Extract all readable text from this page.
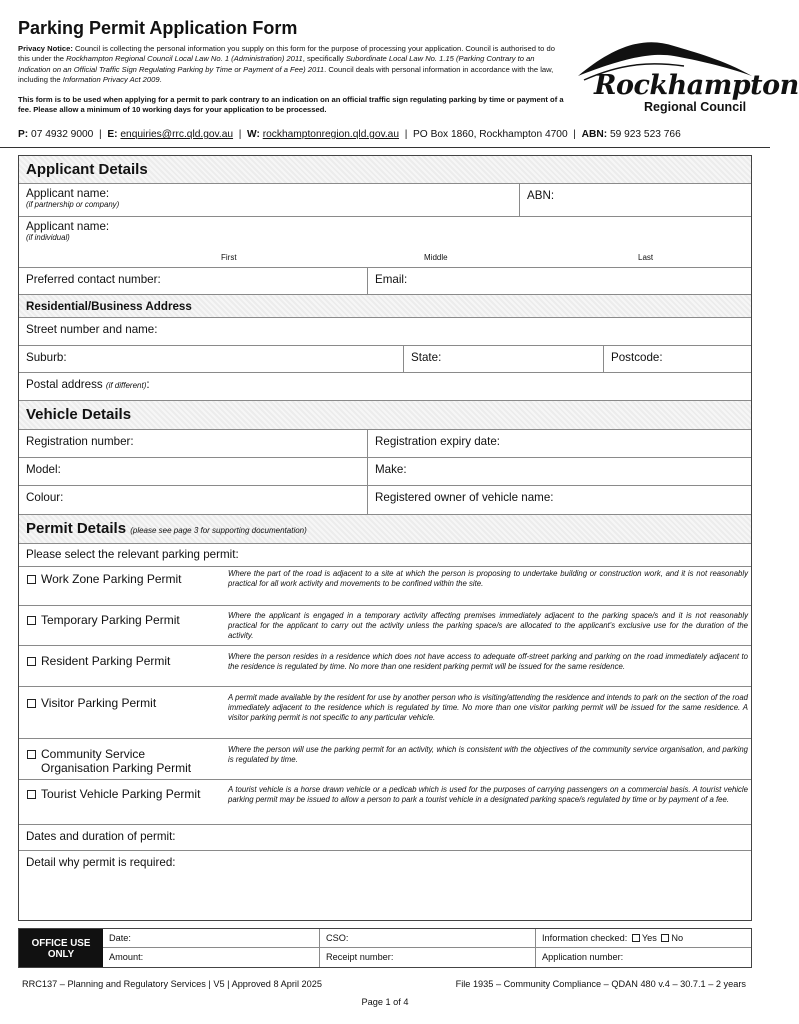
Parking Permit Application Form
Privacy Notice: Council is collecting the personal information you supply on this form for the purpose of processing your application. Council is authorised to do this under the Rockhampton Regional Council Local Law No. 1 (Administration) 2011, specifically Subordinate Local Law No. 1.15 (Parking Contrary to an Indication on an Official Traffic Sign Regulating Parking by Time or Payment of a Fee) 2011. Council deals with personal information in accordance with the law, including the Information Privacy Act 2009.
This form is to be used when applying for a permit to park contrary to an indication on an official traffic sign regulating parking by time or payment of a fee. Please allow a minimum of 10 working days for your application to be processed.
Rockhampton
Regional Council
P: 07 4932 9000 | E: enquiries@rrc.qld.gov.au | W: rockhamptonregion.qld.gov.au | PO Box 1860, Rockhampton 4700 | ABN: 59 923 523 766
Applicant Details
Applicant name:
(if partnership or company)
ABN:
Applicant name:
(if individual)
First	Middle	Last
Preferred contact number:	Email:
Residential/Business Address
Street number and name:
Suburb:	State:	Postcode:
Postal address (if different):
Vehicle Details
Registration number:	Registration expiry date:
Model:	Make:
Colour:	Registered owner of vehicle name:
Permit Details (please see page 3 for supporting documentation)
Please select the relevant parking permit:
Work Zone Parking Permit	Where the part of the road is adjacent to a site at which the person is proposing to undertake building or construction work, and it is not reasonably practical for all work activity and movements to be confined within the site.
Temporary Parking Permit	Where the applicant is engaged in a temporary activity affecting premises immediately adjacent to the parking space/s and it is not reasonably practical for the applicant to carry out the activity unless the parking space/s are allocated to the applicant's exclusive use for the duration of the activity.
Resident Parking Permit	Where the person resides in a residence which does not have access to adequate off-street parking and parking on the road immediately adjacent to the residence is regulated by time. No more than one resident parking permit will be issued for the same residence.
Visitor Parking Permit	A permit made available by the resident for use by another person who is visiting/attending the residence and intends to park on the section of the road immediately adjacent to the residence which is regulated by time. No more than one visitor parking permit will be issued for the same residence. A visitor parking permit is not specific to any particular vehicle.
Community Service Organisation Parking Permit
Where the person will use the parking permit for an activity, which is consistent with the objectives of the community service organisation, and parking is regulated by time.
Tourist Vehicle Parking Permit	A tourist vehicle is a horse drawn vehicle or a pedicab which is used for the purposes of carrying passengers on a commercial basis. A tourist vehicle parking permit may be issued to allow a person to park a tourist vehicle in a designated parking space/s regulated by time or by payment of a fee.
Dates and duration of permit:
Detail why permit is required:
OFFICE USE ONLY
Date:	CSO:	Information checked: Yes No
Amount:	Receipt number:	Application number:
RRC137 – Planning and Regulatory Services | V5 | Approved 8 April 2025	File 1935 – Community Compliance – QDAN 480 v.4 – 30.7.1 – 2 years
Page 1 of 4
